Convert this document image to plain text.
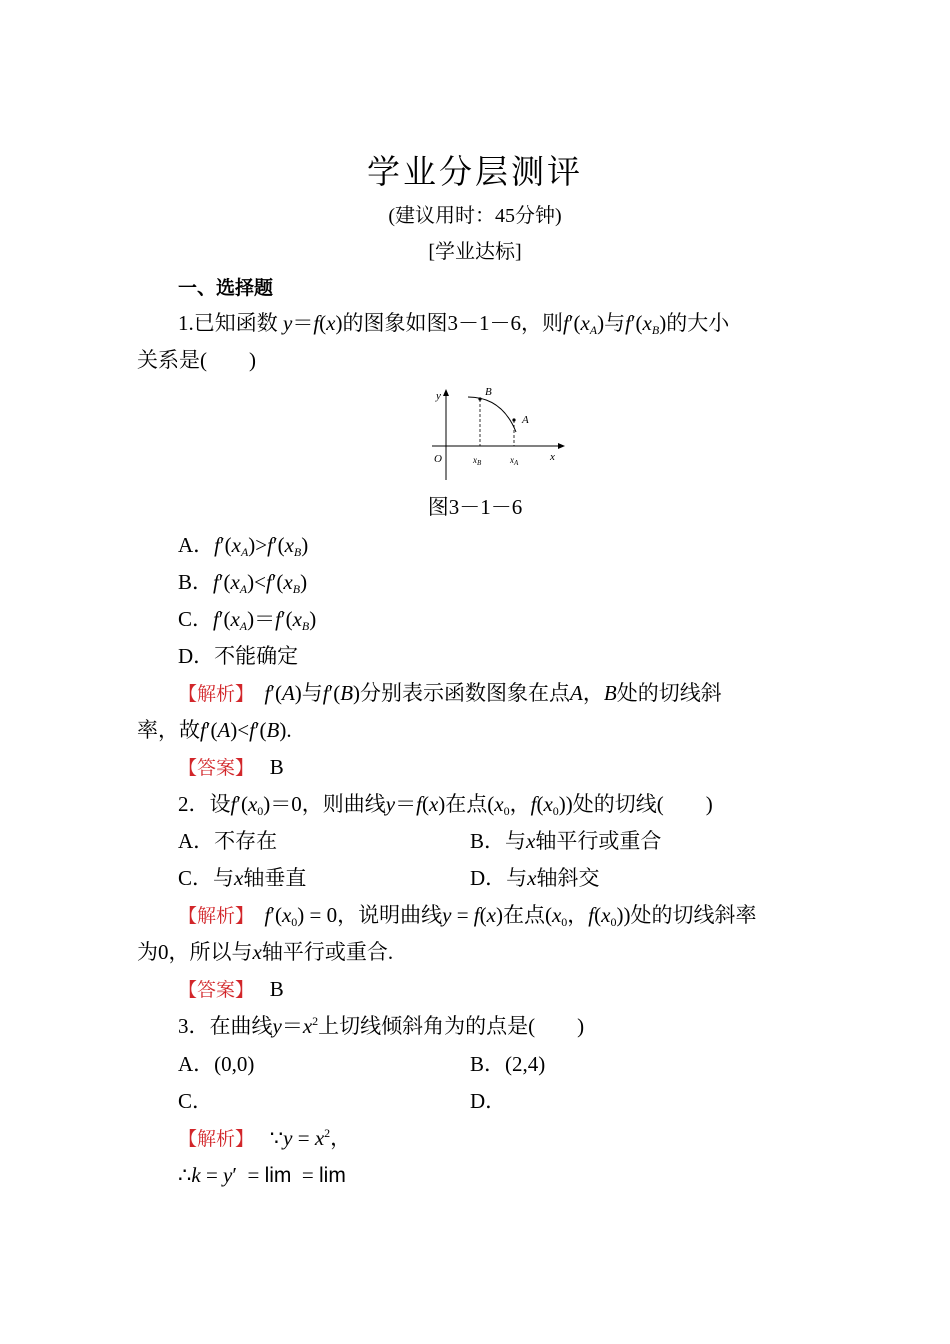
学业分层测评
(建议用时：45分钟)
[学业达标]
一、选择题
1.已知函数 y＝f(x)的图象如图3－1－6，则$f'(x_A)$与$f'(x_B)$的大小
关系是(　　)
y
x
O
B
A
$x_B$	$x_A$
图3－1－6
A．$f'(x_A)>f'(x_B)$
B．$f'(x_A)<f'(x_B)$
C．$f'(x_A)=f'(x_B)$
D．不能确定
【解析】 f′(A)与f′(B)分别表示函数图象在点A，B处的切线斜
率，故f′(A)<f′(B).
【答案】 B
2．设$f'(x_0)=0$，则曲线y＝f(x)在点($x_0$，$f(x_0)$)处的切线(　　)
A．不存在	B．与x轴平行或重合
C．与x轴垂直	D．与x轴斜交
【解析】 $f'(x_0) = 0$，说明曲线y = f(x)在点($x_0$，$f(x_0)$)处的切线斜率
为0，所以与x轴平行或重合.
【答案】 B
3．在曲线$y=x^2$上切线倾斜角为的点是(　　)
A．(0,0)	B．(2,4)
C．	D．
【解析】 ∵y = $x^2$，
∴k = y′  = lim  = lim
